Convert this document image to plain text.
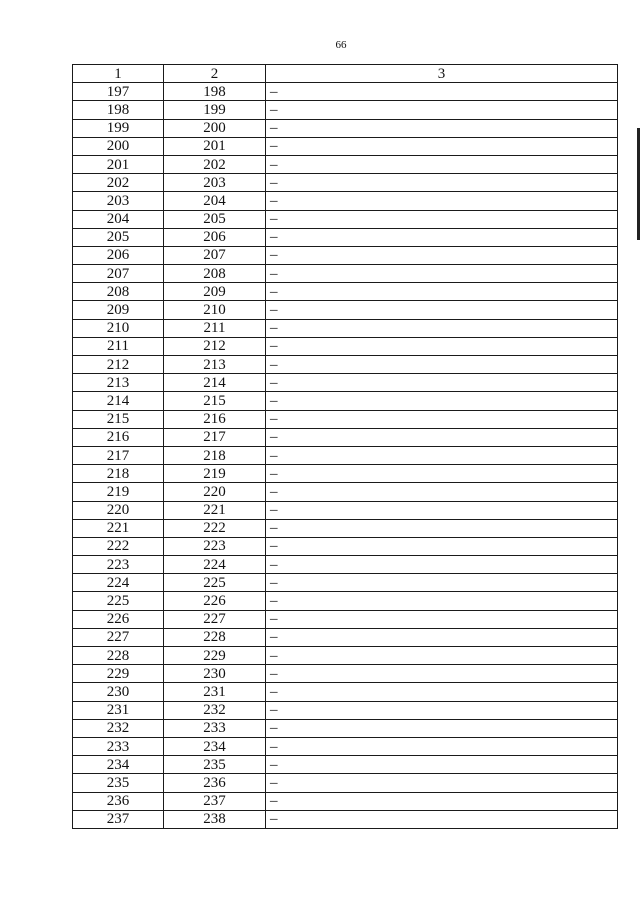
66
1	2	3
197	198	–
198	199	–
199	200	–
200	201	–
201	202	–
202	203	–
203	204	–
204	205	–
205	206	–
206	207	–
207	208	–
208	209	–
209	210	–
210	211	–
211	212	–
212	213	–
213	214	–
214	215	–
215	216	–
216	217	–
217	218	–
218	219	–
219	220	–
220	221	–
221	222	–
222	223	–
223	224	–
224	225	–
225	226	–
226	227	–
227	228	–
228	229	–
229	230	–
230	231	–
231	232	–
232	233	–
233	234	–
234	235	–
235	236	–
236	237	–
237	238	–
